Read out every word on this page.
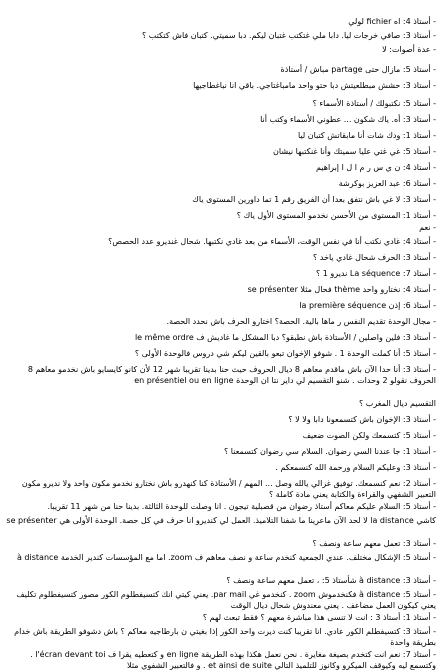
- أستاذ 4: اه fichier لولي
- أستاذ 3: صافي خرجات ليا. دابا ملي غتكتب غتبان ليكم. دبا سميتي. كتبان فاش كتكتب ؟
- عدة أصوات: لا
- أستاذ 5: مازال حتى partage مباش / أستاذة
- أستاذ 3: حشش مبطلعيتش دبا حتو واحد مامباغتاجي. باقي انا نباغطاجيها
- أستاذ 5: نكتبولك / أستاذة الأسماء ؟
- أستاذ 3: أه. ياك شكون ... عطوني الأسماء وكتب أنا
- أستاذ 1: ودك شات أنا مابقاتش كتبان ليا
- أستاذ 5: غي غتي عليا سميتك وأنا غنكتبها نيشان
- أستاذ 4: ن ي س ر م ا ل ا إبراهيم
- أستاذ 6: عبد العزيز بوكرشة
- أستاذ 3: لا غي باش نتفق بعدا أن الفريق رقم 1 تما داورين المستوى ياك
- أستاذ 1: المستوى من الأحسن نخدمو المستوى الأول ياك ؟
- نعم
- أستاذ 4: غادي نكتب أنا في نفس الوقت، الأسماء من بعد غادي نكتبها. شحال غنديرو عدد الحصص؟
- أستاذ 3: الحرف شحال غادي ياخد ؟
- أستاذ 7: La séquence نديرو 1 ؟
- أستاذ 4: نختارو واحد thème فحال مثلا se présenter
- أستاذ 6: إذن la première séquence
- مجال الوحدة تقديم النفس ر ماها بالية. الحصة؟ اختارو الحرف باش نحدد الحصة.
- أستاذ 3: فلين واصلين / الأستاذة باش نطبقو؟ دبا المشكل ما غاديش ف le même ordre
- أستاذ 5: أنا كملت الوحدة 1 . شوفو الإخوان تبعو بالقين ليكم شي دروس فالوحدة الأولى ؟
- أستاذ 3: أنا حدا الآن باش ماقدم معاهم 8 ديال الحروف حيث حنا بدينا تقريبا شهر 12 لأن كانو كايسايو باش نخدمو معاهم 8 الحروف نقولو 2 وحدات . شنو التقسيم لي داير نتا ان الوحدة en présentiel ou en ligne
التقسيم ديال المغرب ؟
- أستاذ 3: الإخوان باش كتسمعونا دابا ولا لا ؟
- أستاذ 5: كتسمعك ولكن الصوت ضعيف
- أستاذ 1: جا عندنا السي رضوان. السلام سي رضوان كتسمعنا ؟
- أستاذ 3: وعليكم السلام ورحمة الله كنسمعكم .
- أستاذ 2: نعم كنسمعك. توفيق غزالي يالله وصل ... المهم / الأستاذة كنا كنهدرو باش نختارو نخدمو مكون واحد ولا نديرو مكون التعبير الشفهي والقراءة والكتابة يعني مادة كاملة ؟
- أستاذ 5: السلام عليكم معاكم أستاذ رضوان من قصبلية تيجون . انا وصلت للوحدة الثالثة. بدينا حنا من شهر 11 تقريبا.
كاشي la distance لا لحد الآن ماعرينا ما شفنا التلاميذ. العمل لي كنديرو انا حرف في كل حصة. الوحدة الأولى هي se présenter
- أستاذ 3: تعمل معهم ساعة ونصف ؟
- أستاذ 5: الإشكال مختلف. عندي الجمعية كنخدم ساعة و نصف معاهم ف zoom. اما مع المؤسسات كندير الخدمة à distance
- أستاذ 3: à distance شأستاذ 5: ، تعمل معهم ساعة ونصف ؟
- أستاذ 5: à distance فكنخدموش zoom . كنخدمو غي par mail. يعني كيتي انك كتسيفطلوم الكور مصور كتسيفطلوم تكليف يعني كيكون العمل مضاعف . يعني معندوش شحال ديال الوقت
- أستاذ 1: أستاذ 3 : انت لا تنسى هذا مباشرة معهم ؟ فقط تبعث لهم ؟
- أستاذ 3: كتسيفطلم الكور عادي. انا تقريبا كنت ديرت واحد الكور إذا بغيتي ن بارطاجيه معاكم ؟ باش دشوفو الطريقة باش خدام بطريقة واحدة
- أستاذ 7: نعم انت كتخدم بصيغة مغايرة . نحن نعمل هكذا بهذه الطريقة en ligne و كتعطيه يقرا ف l'écran devant toi . وكتسمع ليه وكيوقف الميكرو وكانوز للتلميذ التالي et ainsi de suite . و فالتعبير الشفوي مثلا
